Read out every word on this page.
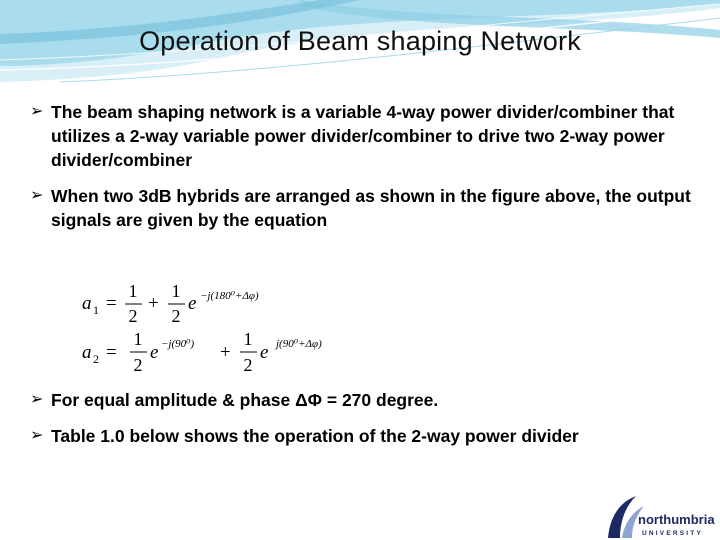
Operation of Beam shaping Network
➢ The beam shaping network is a variable 4-way power divider/combiner that utilizes a 2-way variable power divider/combiner to drive two 2-way power divider/combiner
➢ When two 3dB hybrids are arranged as shown in the figure above, the output signals are given by the equation
➢ For equal amplitude & phase ΔΦ = 270 degree.
➢ Table 1.0 below shows the operation of the 2-way power divider
a 1 =
1
2
+
1
2
e −j(180⁰+Δφ)
a 2 =
1
2
e −j(90⁰) +
1
2
e j(90⁰+Δφ)
northumbria
UNIVERSITY
